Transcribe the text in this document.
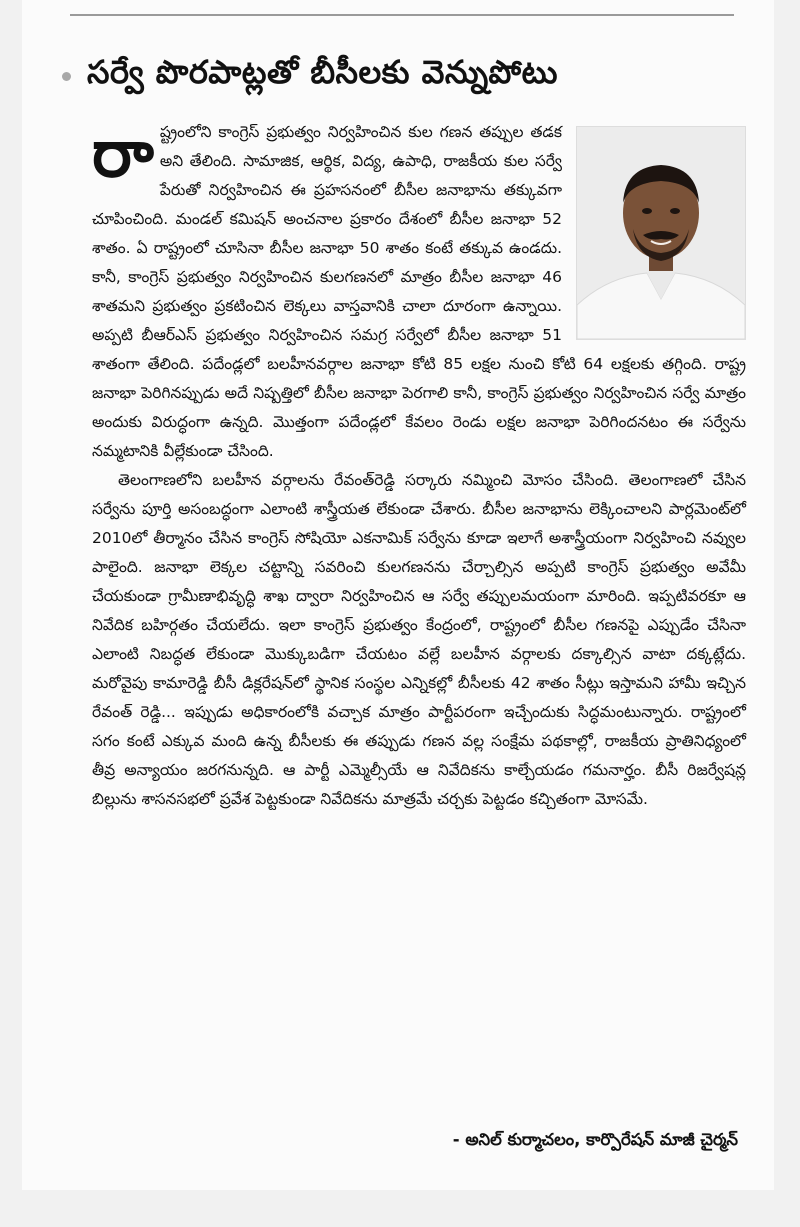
సర్వే పొరపాట్లతో బీసీలకు వెన్నుపోటు

రాష్ట్రంలోని కాంగ్రెస్ ప్రభుత్వం నిర్వహించిన కుల గణన తప్పుల తడక అని తేలింది. సామాజిక, ఆర్థిక, విద్య, ఉపాధి, రాజకీయ కుల సర్వే పేరుతో నిర్వహించిన ఈ ప్రహసనంలో బీసీల జనాభాను తక్కువగా చూపించింది. మండల్ కమిషన్ అంచనాల ప్రకారం దేశంలో బీసీల జనాభా 52 శాతం. ఏ రాష్ట్రంలో చూసినా బీసీల జనాభా 50 శాతం కంటే తక్కువ ఉండదు. కానీ, కాంగ్రెస్ ప్రభుత్వం నిర్వహించిన కులగణనలో మాత్రం బీసీల జనాభా 46 శాతమని ప్రభుత్వం ప్రకటించిన లెక్కలు వాస్తవానికి చాలా దూరంగా ఉన్నాయి. అప్పటి బీఆర్ఎస్ ప్రభుత్వం నిర్వహించిన సమగ్ర సర్వేలో బీసీల జనాభా 51 శాతంగా తేలింది. పదేండ్లలో బలహీనవర్గాల జనాభా కోటి 85 లక్షల నుంచి కోటి 64 లక్షలకు తగ్గింది. రాష్ట్ర జనాభా పెరిగినప్పుడు అదే నిష్పత్తిలో బీసీల జనాభా పెరగాలి కానీ, కాంగ్రెస్ ప్రభుత్వం నిర్వహించిన సర్వే మాత్రం అందుకు విరుద్ధంగా ఉన్నది. మొత్తంగా పదేండ్లలో కేవలం రెండు లక్షల జనాభా పెరిగిందనటం ఈ సర్వేను నమ్మటానికి వీల్లేకుండా చేసింది.

తెలంగాణలోని బలహీన వర్గాలను రేవంత్‌రెడ్డి సర్కారు నమ్మించి మోసం చేసింది. తెలంగాణలో చేసిన సర్వేను పూర్తి అసంబద్ధంగా ఎలాంటి శాస్త్రీయత లేకుండా చేశారు. బీసీల జనాభాను లెక్కించాలని పార్లమెంట్‌లో 2010లో తీర్మానం చేసిన కాంగ్రెస్ సోషియో ఎకనామిక్ సర్వేను కూడా ఇలాగే అశాస్త్రీయంగా నిర్వహించి నవ్వుల పాలైంది. జనాభా లెక్కల చట్టాన్ని సవరించి కులగణనను చేర్చాల్సిన అప్పటి కాంగ్రెస్ ప్రభుత్వం అవేమీ చేయకుండా గ్రామీణాభివృద్ధి శాఖ ద్వారా నిర్వహించిన ఆ సర్వే తప్పులమయంగా మారింది. ఇప్పటివరకూ ఆ నివేదిక బహిర్గతం చేయలేదు. ఇలా కాంగ్రెస్ ప్రభుత్వం కేంద్రంలో, రాష్ట్రంలో బీసీల గణనపై ఎప్పుడేం చేసినా ఎలాంటి నిబద్ధత లేకుండా మొక్కుబడిగా చేయటం వల్లే బలహీన వర్గాలకు దక్కాల్సిన వాటా దక్కట్లేదు. మరోవైపు కామారెడ్డి బీసీ డిక్లరేషన్‌లో స్థానిక సంస్థల ఎన్నికల్లో బీసీలకు 42 శాతం సీట్లు ఇస్తామని హామీ ఇచ్చిన రేవంత్ రెడ్డి... ఇప్పుడు అధికారంలోకి వచ్చాక మాత్రం పార్టీపరంగా ఇచ్చేందుకు సిద్ధమంటున్నారు. రాష్ట్రంలో సగం కంటే ఎక్కువ మంది ఉన్న బీసీలకు ఈ తప్పుడు గణన వల్ల సంక్షేమ పథకాల్లో, రాజకీయ ప్రాతినిధ్యంలో తీవ్ర అన్యాయం జరగనున్నది. ఆ పార్టీ ఎమ్మెల్సీయే ఆ నివేదికను కాల్చేయడం గమనార్హం. బీసీ రిజర్వేషన్ల బిల్లును శాసనసభలో ప్రవేశ పెట్టకుండా నివేదికను మాత్రమే చర్చకు పెట్టడం కచ్చితంగా మోసమే.

- అనిల్ కుర్మాచలం, కార్పొరేషన్ మాజీ చైర్మన్
